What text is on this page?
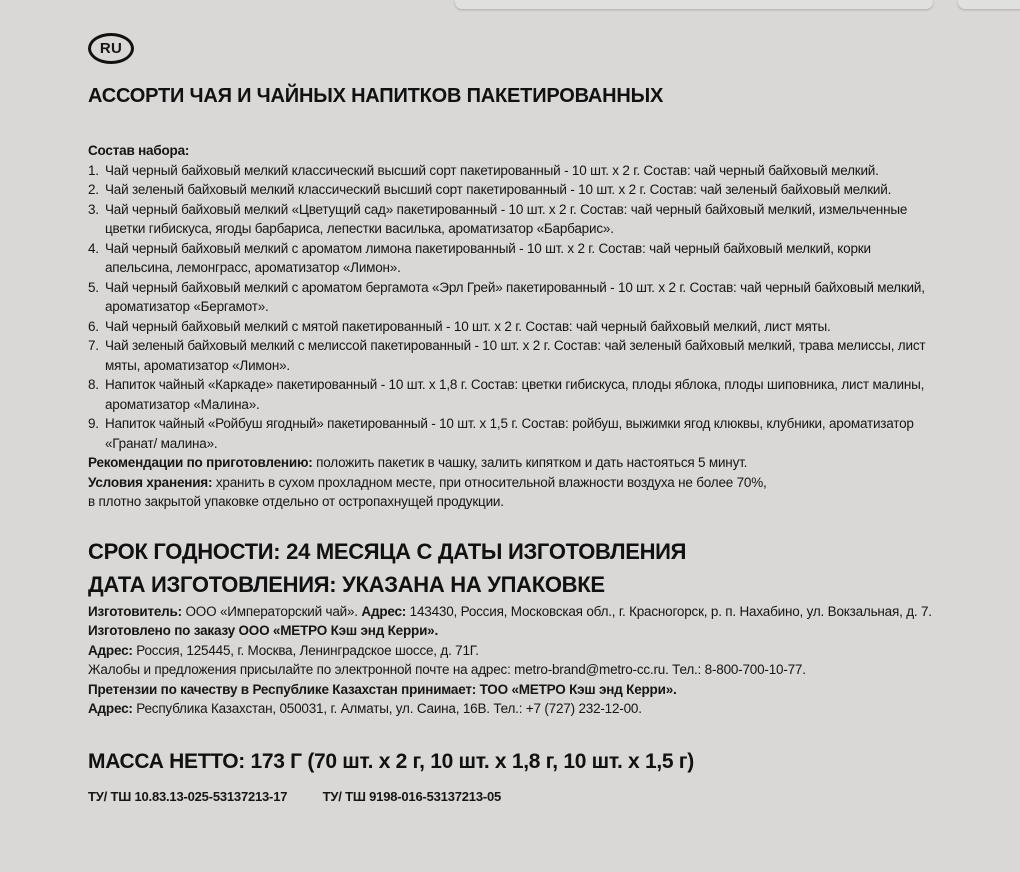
RU
АССОРТИ ЧАЯ И ЧАЙНЫХ НАПИТКОВ ПАКЕТИРОВАННЫХ
Состав набора:
1. Чай черный байховый мелкий классический высший сорт пакетированный - 10 шт. x 2 г. Состав: чай черный байховый мелкий.
2. Чай зеленый байховый мелкий классический высший сорт пакетированный - 10 шт. x 2 г. Состав: чай зеленый байховый мелкий.
3. Чай черный байховый мелкий «Цветущий сад» пакетированный - 10 шт. x 2 г. Состав: чай черный байховый мелкий, измельченные цветки гибискуса, ягоды барбариса, лепестки василька, ароматизатор «Барбарис».
4. Чай черный байховый мелкий с ароматом лимона пакетированный - 10 шт. x 2 г. Состав: чай черный байховый мелкий, корки апельсина, лемонграсс, ароматизатор «Лимон».
5. Чай черный байховый мелкий с ароматом бергамота «Эрл Грей» пакетированный - 10 шт. x 2 г. Состав: чай черный байховый мелкий, ароматизатор «Бергамот».
6. Чай черный байховый мелкий с мятой пакетированный - 10 шт. x 2 г. Состав: чай черный байховый мелкий, лист мяты.
7. Чай зеленый байховый мелкий с мелиссой пакетированный - 10 шт. x 2 г. Состав: чай зеленый байховый мелкий, трава мелиссы, лист мяты, ароматизатор «Лимон».
8. Напиток чайный «Каркаде» пакетированный - 10 шт. x 1,8 г. Состав: цветки гибискуса, плоды яблока, плоды шиповника, лист малины, ароматизатор «Малина».
9. Напиток чайный «Ройбуш ягодный» пакетированный - 10 шт. x 1,5 г. Состав: ройбуш, выжимки ягод клюквы, клубники, ароматизатор «Гранат/ малина».
Рекомендации по приготовлению: положить пакетик в чашку, залить кипятком и дать настояться 5 минут.
Условия хранения: хранить в сухом прохладном месте, при относительной влажности воздуха не более 70%,
в плотно закрытой упаковке отдельно от остропахнущей продукции.
СРОК ГОДНОСТИ: 24 МЕСЯЦА С ДАТЫ ИЗГОТОВЛЕНИЯ
ДАТА ИЗГОТОВЛЕНИЯ: УКАЗАНА НА УПАКОВКЕ
Изготовитель: ООО «Императорский чай». Адрес: 143430, Россия, Московская обл., г. Красногорск, р. п. Нахабино, ул. Вокзальная, д. 7.
Изготовлено по заказу ООО «МЕТРО Кэш энд Керри».
Адрес: Россия, 125445, г. Москва, Ленинградское шоссе, д. 71Г.
Жалобы и предложения присылайте по электронной почте на адрес: metro-brand@metro-cc.ru. Тел.: 8-800-700-10-77.
Претензии по качеству в Республике Казахстан принимает: ТОО «МЕТРО Кэш энд Керри».
Адрес: Республика Казахстан, 050031, г. Алматы, ул. Саина, 16В. Тел.: +7 (727) 232-12-00.
МАССА НЕТТО: 173 Г (70 шт. x 2 г, 10 шт. x 1,8 г, 10 шт. x 1,5 г)
ТУ/ ТШ 10.83.13-025-53137213-17	ТУ/ ТШ 9198-016-53137213-05
